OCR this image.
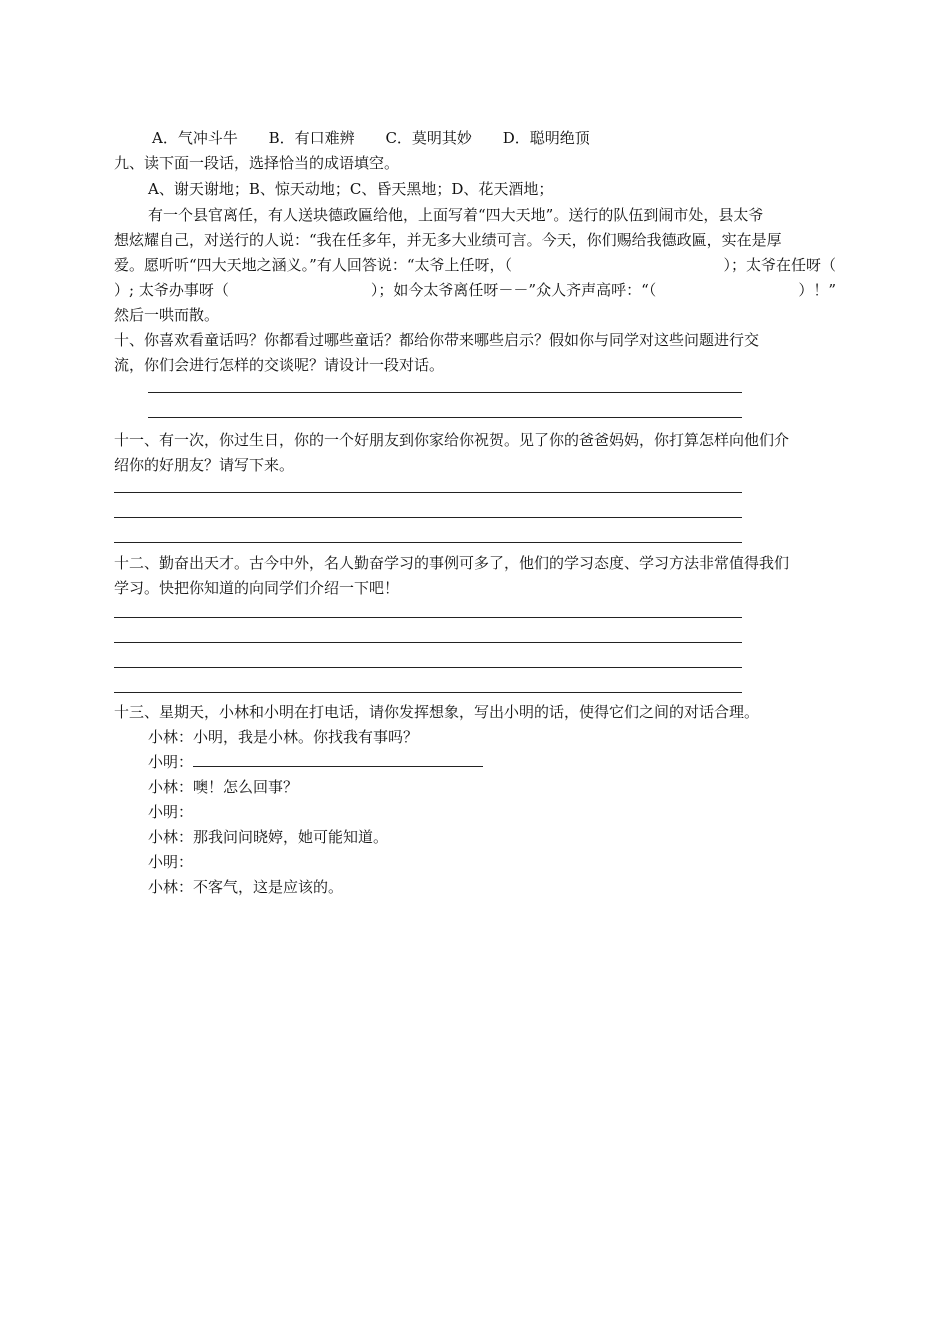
A．气冲斗牛 B．有口难辨 C．莫明其妙 D．聪明绝顶
九、读下面一段话，选择恰当的成语填空。
A、谢天谢地；B、惊天动地；C、昏天黑地；D、花天酒地；
有一个县官离任，有人送块德政匾给他，上面写着“四大天地”。送行的队伍到闹市处，县太爷
想炫耀自己，对送行的人说：“我在任多年，并无多大业绩可言。今天，你们赐给我德政匾，实在是厚
爱。愿听听“四大天地之涵义。”有人回答说：“太爷上任呀，（	）；太爷在任呀（
）; 太爷办事呀（	）；如今太爷离任呀－－”众人齐声高呼：“（	）！”
然后一哄而散。
十、你喜欢看童话吗？你都看过哪些童话？都给你带来哪些启示？假如你与同学对这些问题进行交
流，你们会进行怎样的交谈呢？请设计一段对话。
十一、有一次，你过生日，你的一个好朋友到你家给你祝贺。见了你的爸爸妈妈，你打算怎样向他们介
绍你的好朋友？请写下来。
十二、勤奋出天才。古今中外，名人勤奋学习的事例可多了，他们的学习态度、学习方法非常值得我们
学习。快把你知道的向同学们介绍一下吧！
十三、星期天，小林和小明在打电话，请你发挥想象，写出小明的话，使得它们之间的对话合理。
小林：小明，我是小林。你找我有事吗？
小明：
小林：噢！怎么回事？
小明：
小林：那我问问晓婷，她可能知道。
小明：
小林：不客气，这是应该的。
